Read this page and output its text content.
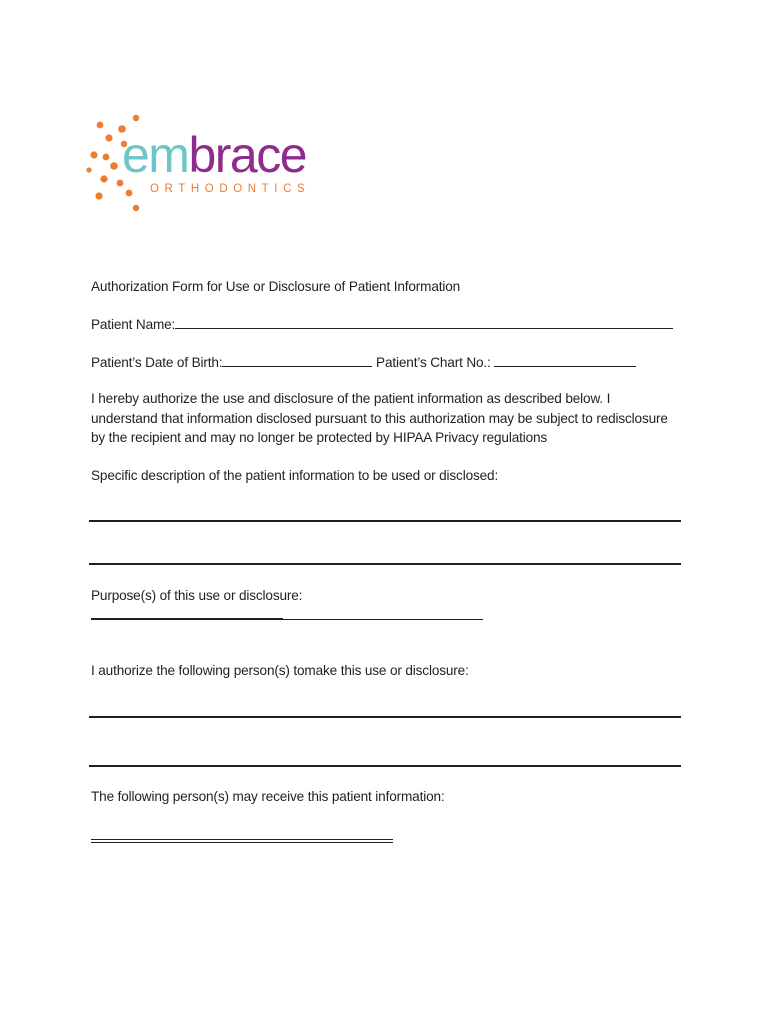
embrace
ORTHODONTICS
Authorization Form for Use or Disclosure of Patient Information
Patient Name:
Patient’s Date of Birth:	Patient’s Chart No.:
I hereby authorize the use and disclosure of the patient information as described below. I understand that information disclosed pursuant to this authorization may be subject to redisclosure by the recipient and may no longer be protected by HIPAA Privacy regulations
Specific description of the patient information to be used or disclosed:
Purpose(s) of this use or disclosure:
I authorize the following person(s) tomake this use or disclosure:
The following person(s) may receive this patient information:
